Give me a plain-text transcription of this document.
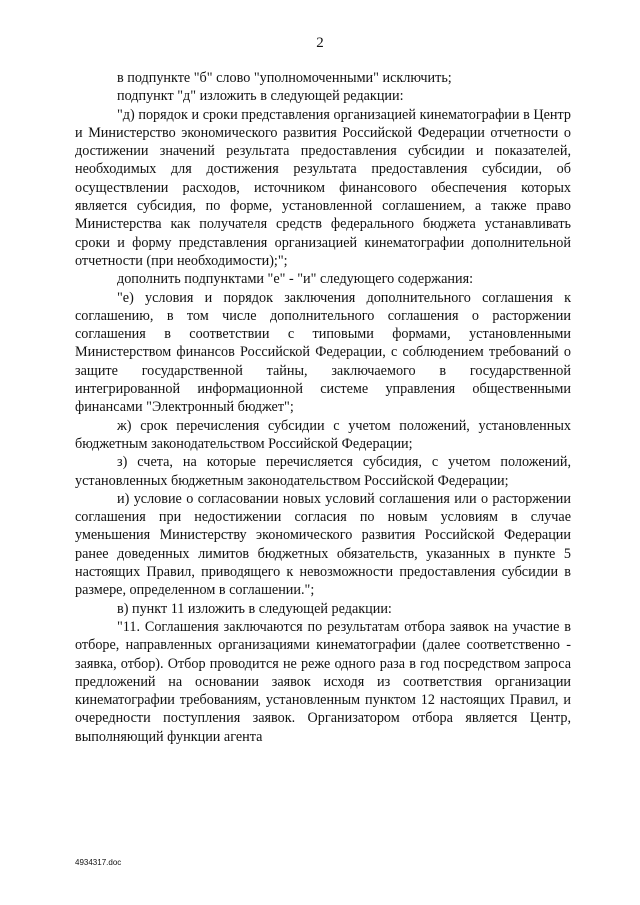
2

в подпункте "б" слово "уполномоченными" исключить;

подпункт "д" изложить в следующей редакции:

"д) порядок и сроки представления организацией кинематографии в Центр и Министерство экономического развития Российской Федерации отчетности о достижении значений результата предоставления субсидии и показателей, необходимых для достижения результата предоставления субсидии, об осуществлении расходов, источником финансового обеспечения которых является субсидия, по форме, установленной соглашением, а также право Министерства как получателя средств федерального бюджета устанавливать сроки и форму представления организацией кинематографии дополнительной отчетности (при необходимости);";

дополнить подпунктами "е" - "и" следующего содержания:

"е) условия и порядок заключения дополнительного соглашения к соглашению, в том числе дополнительного соглашения о расторжении соглашения в соответствии с типовыми формами, установленными Министерством финансов Российской Федерации, с соблюдением требований о защите государственной тайны, заключаемого в государственной интегрированной информационной системе управления общественными финансами "Электронный бюджет";

ж) срок перечисления субсидии с учетом положений, установленных бюджетным законодательством Российской Федерации;

з) счета, на которые перечисляется субсидия, с учетом положений, установленных бюджетным законодательством Российской Федерации;

и) условие о согласовании новых условий соглашения или о расторжении соглашения при недостижении согласия по новым условиям в случае уменьшения Министерству экономического развития Российской Федерации ранее доведенных лимитов бюджетных обязательств, указанных в пункте 5 настоящих Правил, приводящего к невозможности предоставления субсидии в размере, определенном в соглашении.";

в) пункт 11 изложить в следующей редакции:

"11. Соглашения заключаются по результатам отбора заявок на участие в отборе, направленных организациями кинематографии (далее соответственно - заявка, отбор). Отбор проводится не реже одного раза в год посредством запроса предложений на основании заявок исходя из соответствия организации кинематографии требованиям, установленным пунктом 12 настоящих Правил, и очередности поступления заявок. Организатором отбора является Центр, выполняющий функции агента

4934317.doc
